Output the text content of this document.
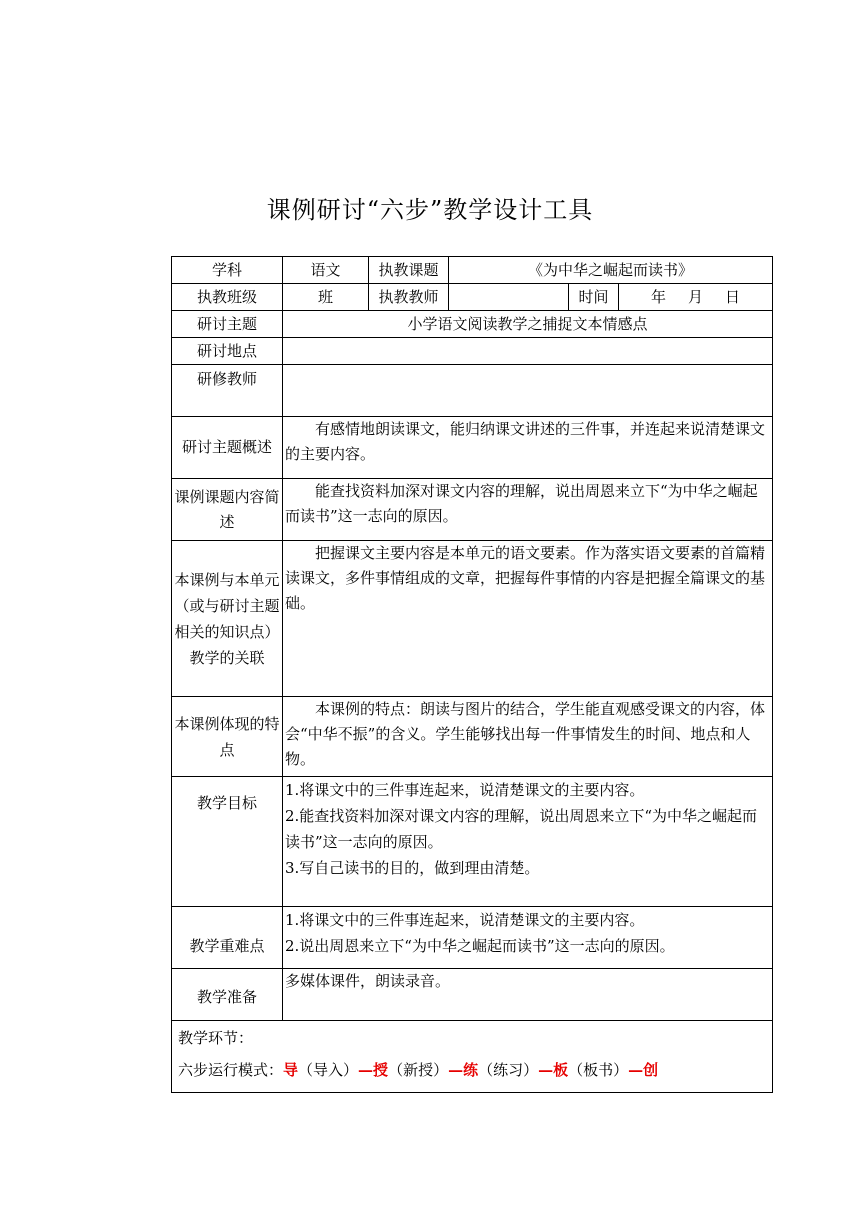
课例研讨“六步”教学设计工具
学科	语文	执教课题	《为中华之崛起而读书》		
执教班级	班	执教教师		时间	年 月 日
研讨主题	小学语文阅读教学之捕捉文本情感点				
研讨地点					
研修教师					
研讨主题概述	有感情地朗读课文，能归纳课文讲述的三件事，并连起来说清楚课文的主要内容。				
课例课题内容简述	能查找资料加深对课文内容的理解，说出周恩来立下“为中华之崛起而读书”这一志向的原因。				
本课例与本单元（或与研讨主题相关的知识点）教学的关联	把握课文主要内容是本单元的语文要素。作为落实语文要素的首篇精读课文，多件事情组成的文章，把握每件事情的内容是把握全篇课文的基础。				
本课例体现的特点	本课例的特点：朗读与图片的结合，学生能直观感受课文的内容，体会“中华不振”的含义。学生能够找出每一件事情发生的时间、地点和人物。				
教学目标	1.将课文中的三件事连起来，说清楚课文的主要内容。
2.能查找资料加深对课文内容的理解，说出周恩来立下“为中华之崛起而读书”这一志向的原因。
3.写自己读书的目的，做到理由清楚。				

教学重难点	1.将课文中的三件事连起来，说清楚课文的主要内容。
2.说出周恩来立下“为中华之崛起而读书”这一志向的原因。				

教学准备	多媒体课件，朗读录音。				

教学环节：
六步运行模式：导（导入）—授（新授）—练（练习）—板（板书）—创					
